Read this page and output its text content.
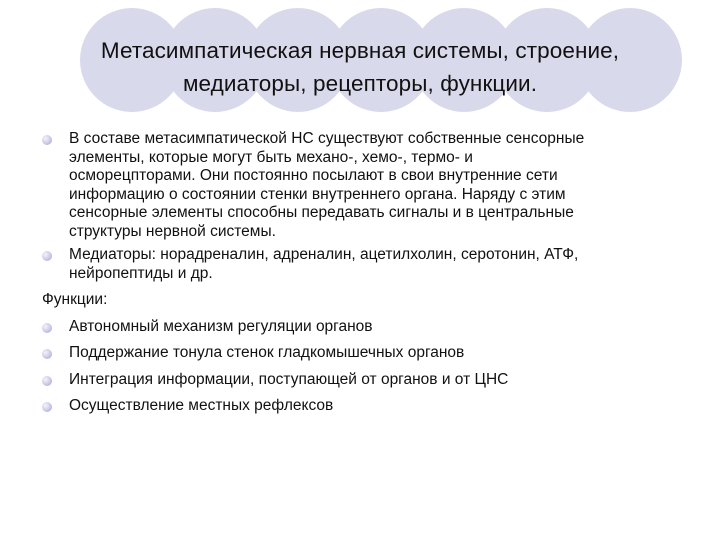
Метасимпатическая нервная системы, строение,
медиаторы, рецепторы, функции.
В составе метасимпатической НС существуют собственные сенсорные
элементы, которые могут быть механо-, хемо-, термо- и
осморецпторами. Они постоянно посылают в свои внутренние сети
информацию о состоянии стенки внутреннего органа. Наряду с этим
сенсорные элементы способны передавать сигналы и в центральные
структуры нервной системы.
Медиаторы: норадреналин, адреналин, ацетилхолин, серотонин, АТФ,
нейропептиды и др.
Функции:
Автономный механизм регуляции органов
Поддержание тонула стенок гладкомышечных органов
Интеграция информации, поступающей от органов и от ЦНС
Осуществление местных рефлексов
